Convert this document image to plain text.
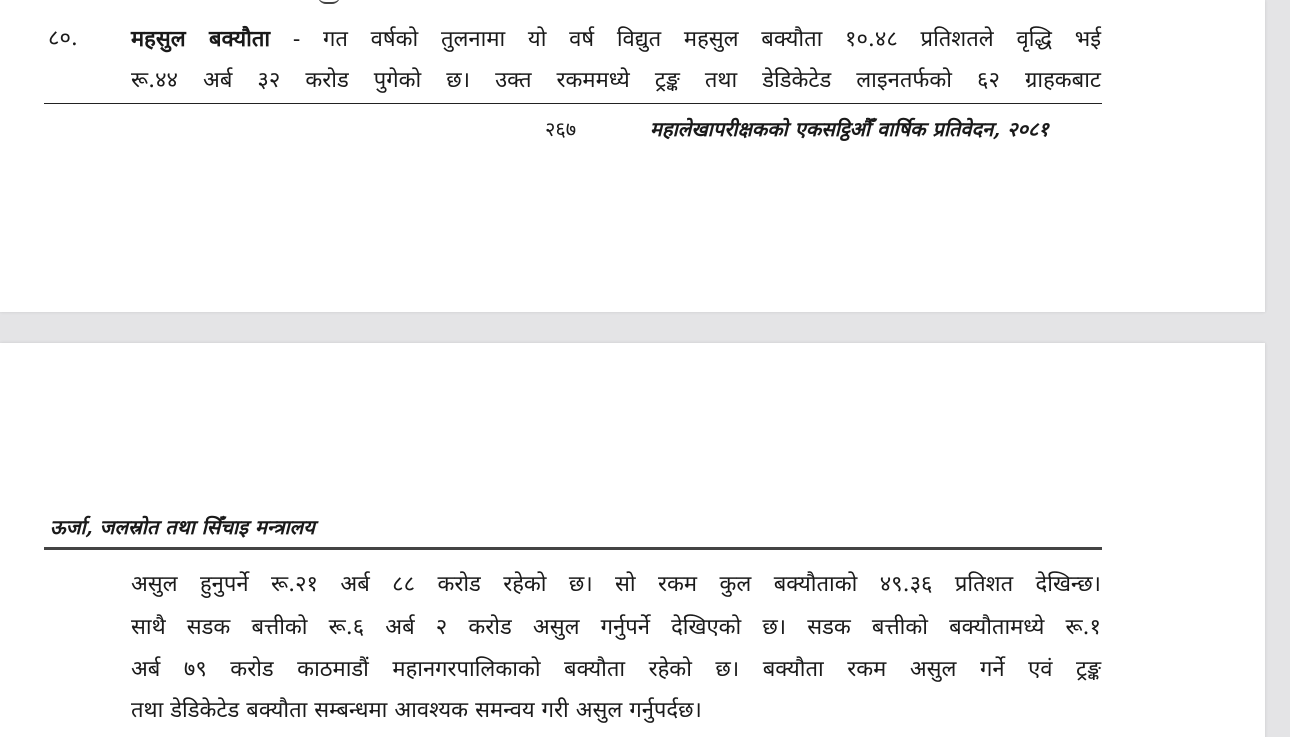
८०. महसुल बक्यौता - गत वर्षको तुलनामा यो वर्ष विद्युत महसुल बक्यौता १०.४८ प्रतिशतले वृद्धि भई
रू.४४ अर्ब ३२ करोड पुगेको छ। उक्त रकममध्ये ट्रङ्क तथा डेडिकेटेड लाइनतर्फको ६२ ग्राहकबाट
२६७	महालेखापरीक्षकको एकसट्ठिऔँ वार्षिक प्रतिवेदन, २०८१
ऊर्जा, जलस्रोत तथा सिँचाइ मन्त्रालय
असुल हुनुपर्ने रू.२१ अर्ब ८८ करोड रहेको छ। सो रकम कुल बक्यौताको ४९.३६ प्रतिशत देखिन्छ।
साथै सडक बत्तीको रू.६ अर्ब २ करोड असुल गर्नुपर्ने देखिएको छ। सडक बत्तीको बक्यौतामध्ये रू.१
अर्ब ७९ करोड काठमाडौं महानगरपालिकाको बक्यौता रहेको छ। बक्यौता रकम असुल गर्ने एवं ट्रङ्क
तथा डेडिकेटेड बक्यौता सम्बन्धमा आवश्यक समन्वय गरी असुल गर्नुपर्दछ।
